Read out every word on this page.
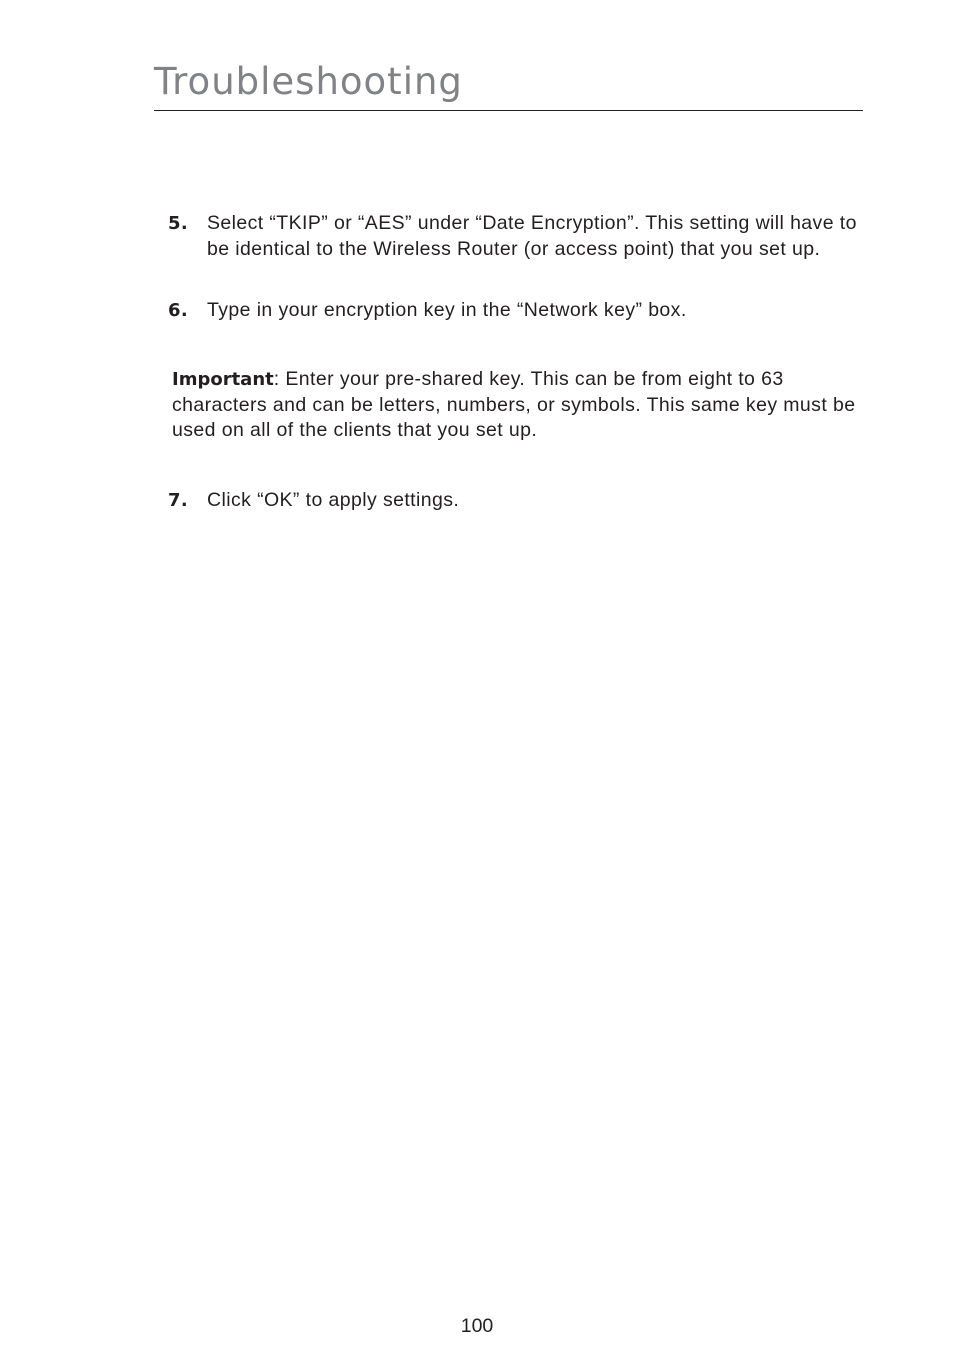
Troubleshooting
5. Select “TKIP” or “AES” under “Date Encryption”. This setting will have to be identical to the Wireless Router (or access point) that you set up.
6. Type in your encryption key in the “Network key” box.

Important: Enter your pre-shared key. This can be from eight to 63 characters and can be letters, numbers, or symbols. This same key must be used on all of the clients that you set up.

7. Click “OK” to apply settings.
100
